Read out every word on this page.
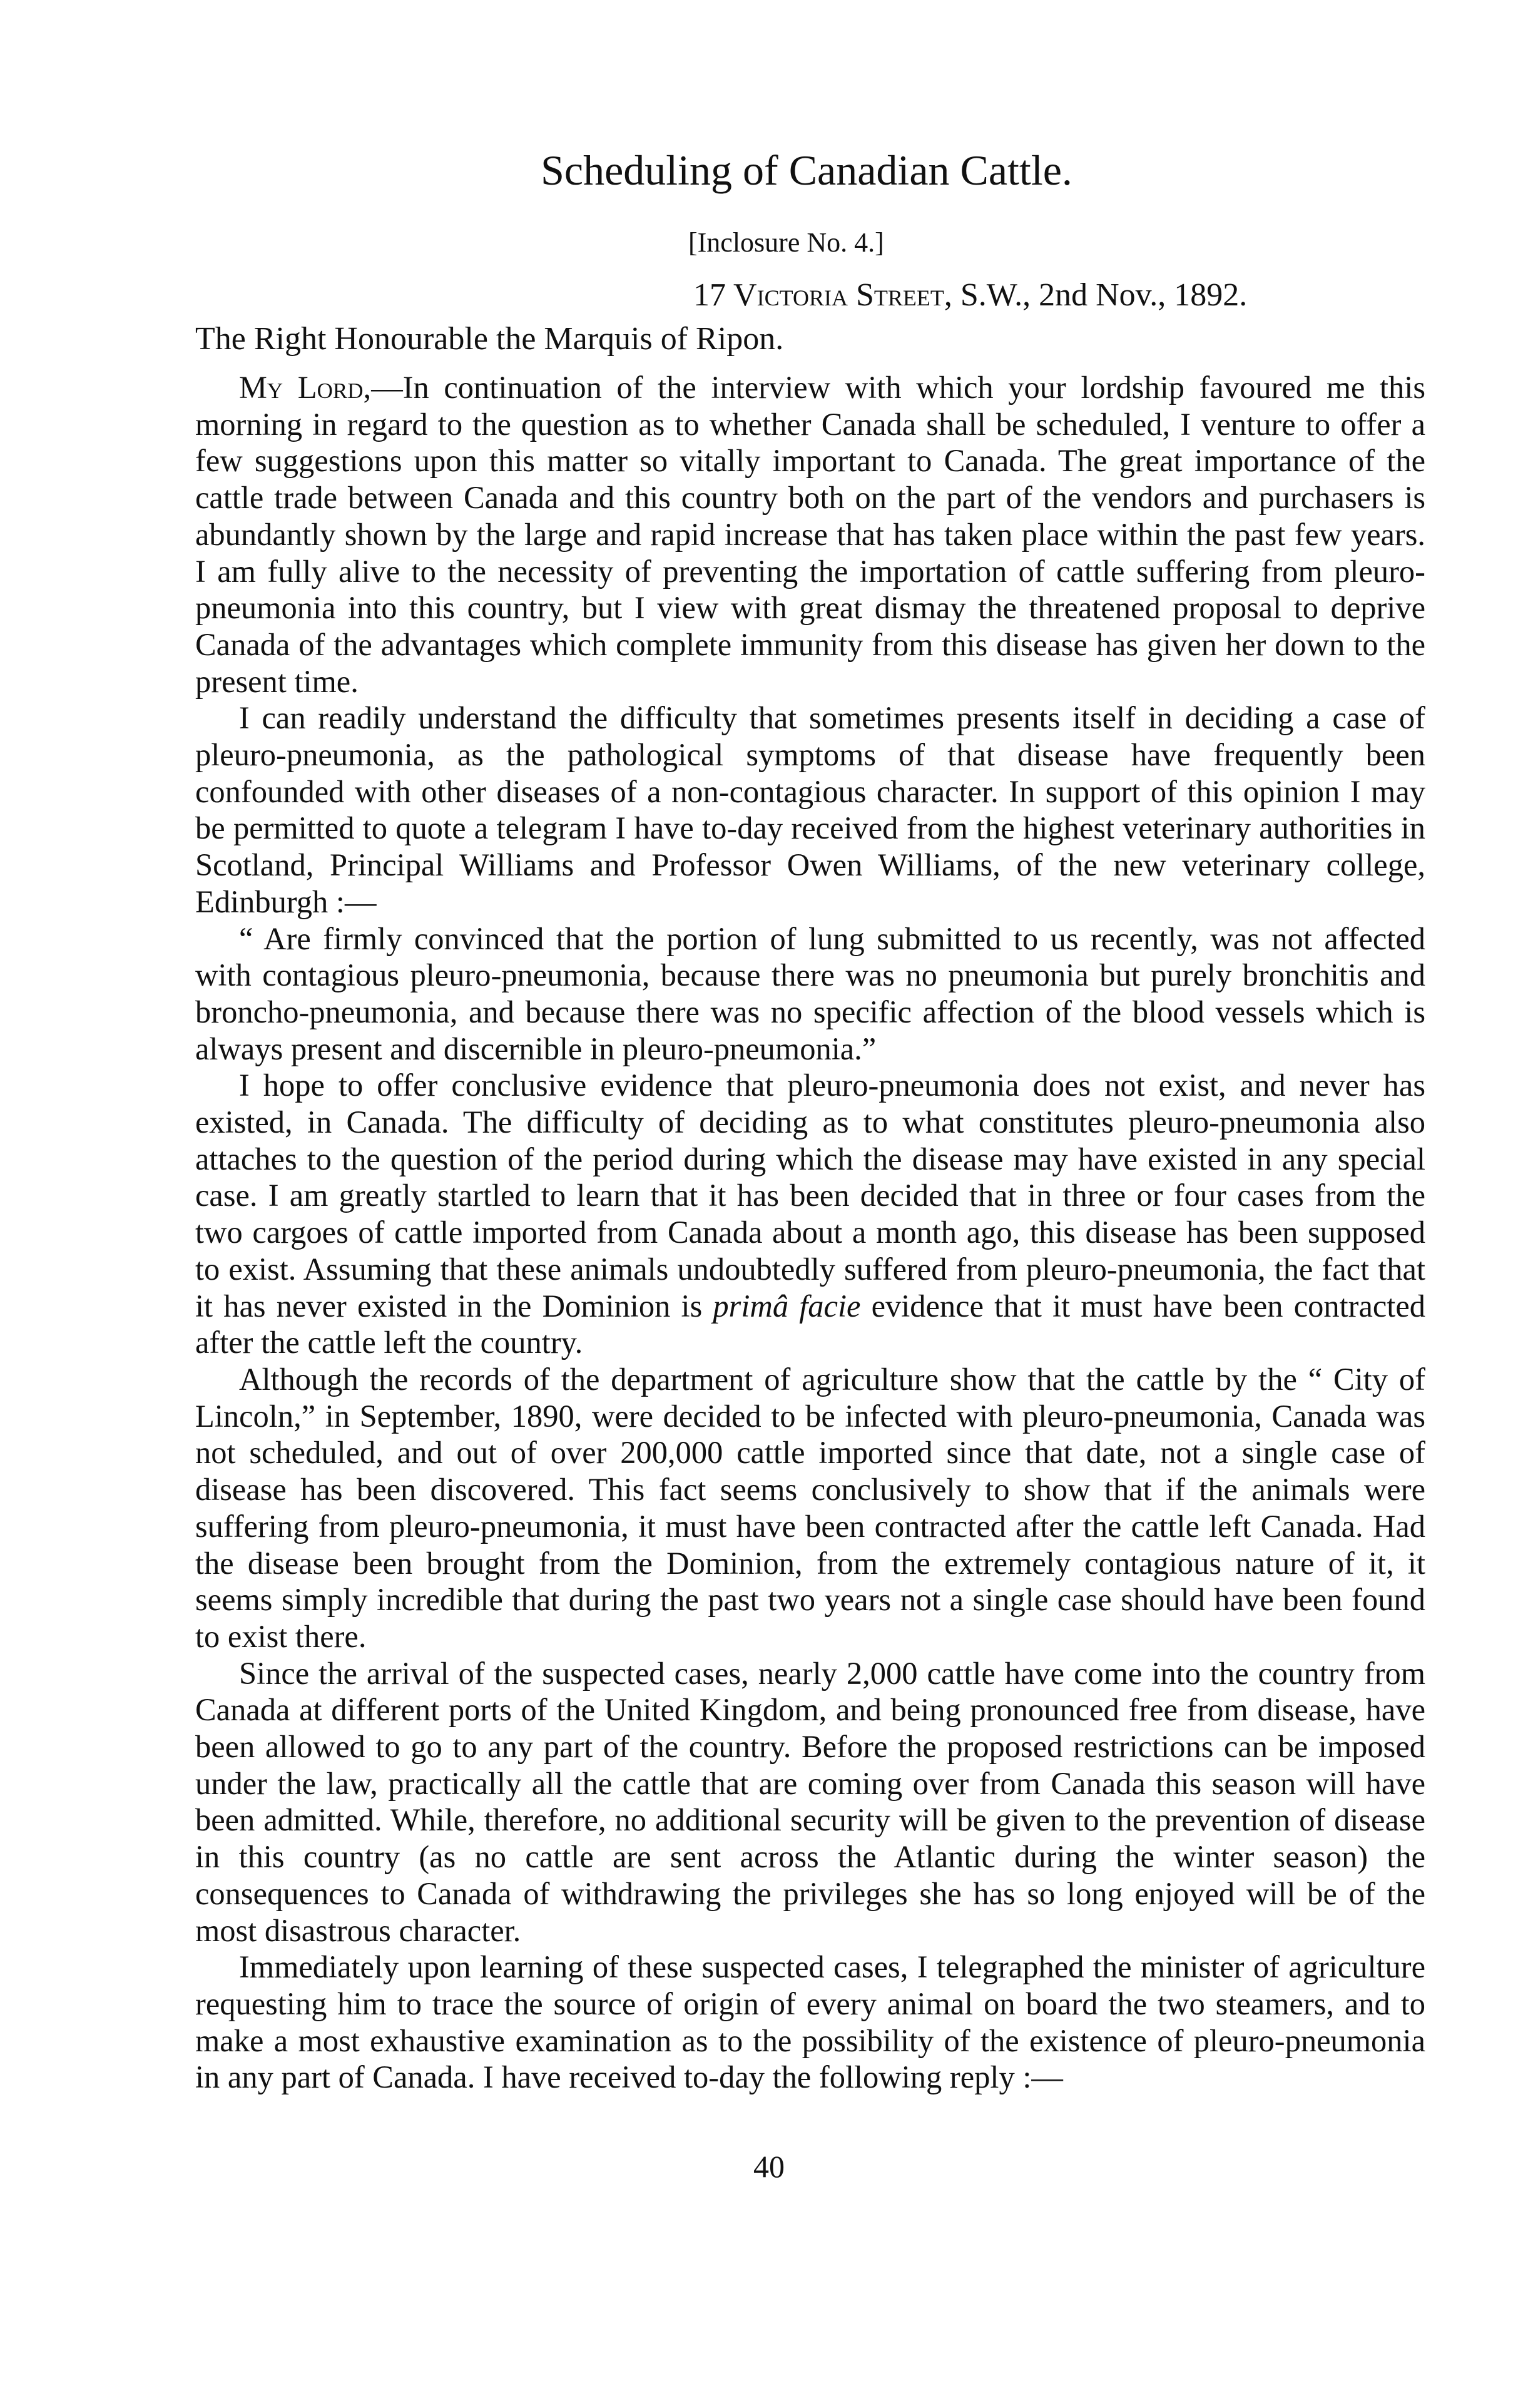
Scheduling of Canadian Cattle.
[Inclosure No. 4.]
17 Victoria Street, S.W., 2nd Nov., 1892.
The Right Honourable the Marquis of Ripon.

My Lord,—In continuation of the interview with which your lordship favoured me this morning in regard to the question as to whether Canada shall be scheduled, I venture to offer a few suggestions upon this matter so vitally important to Canada. The great importance of the cattle trade between Canada and this country both on the part of the vendors and purchasers is abundantly shown by the large and rapid increase that has taken place within the past few years. I am fully alive to the necessity of preventing the importation of cattle suffering from pleuro-pneumonia into this country, but I view with great dismay the threatened proposal to deprive Canada of the advantages which complete immunity from this disease has given her down to the present time.

I can readily understand the difficulty that sometimes presents itself in deciding a case of pleuro-pneumonia, as the pathological symptoms of that disease have frequently been confounded with other diseases of a non-contagious character. In support of this opinion I may be permitted to quote a telegram I have to-day received from the highest veterinary authorities in Scotland, Principal Williams and Professor Owen Williams, of the new veterinary college, Edinburgh :—

“ Are firmly convinced that the portion of lung submitted to us recently, was not affected with contagious pleuro-pneumonia, because there was no pneumonia but purely bronchitis and broncho-pneumonia, and because there was no specific affection of the blood vessels which is always present and discernible in pleuro-pneumonia.”

I hope to offer conclusive evidence that pleuro-pneumonia does not exist, and never has existed, in Canada. The difficulty of deciding as to what constitutes pleuro-pneumonia also attaches to the question of the period during which the disease may have existed in any special case. I am greatly startled to learn that it has been decided that in three or four cases from the two cargoes of cattle imported from Canada about a month ago, this disease has been supposed to exist. Assuming that these animals undoubtedly suffered from pleuro-pneumonia, the fact that it has never existed in the Dominion is primâ facie evidence that it must have been contracted after the cattle left the country.

Although the records of the department of agriculture show that the cattle by the “ City of Lincoln,” in September, 1890, were decided to be infected with pleuro-pneumonia, Canada was not scheduled, and out of over 200,000 cattle imported since that date, not a single case of disease has been discovered. This fact seems conclusively to show that if the animals were suffering from pleuro-pneumonia, it must have been contracted after the cattle left Canada. Had the disease been brought from the Dominion, from the extremely contagious nature of it, it seems simply incredible that during the past two years not a single case should have been found to exist there.

Since the arrival of the suspected cases, nearly 2,000 cattle have come into the country from Canada at different ports of the United Kingdom, and being pronounced free from disease, have been allowed to go to any part of the country. Before the proposed restrictions can be imposed under the law, practically all the cattle that are coming over from Canada this season will have been admitted. While, therefore, no additional security will be given to the prevention of disease in this country (as no cattle are sent across the Atlantic during the winter season) the consequences to Canada of withdrawing the privileges she has so long enjoyed will be of the most disastrous character.

Immediately upon learning of these suspected cases, I telegraphed the minister of agriculture requesting him to trace the source of origin of every animal on board the two steamers, and to make a most exhaustive examination as to the possibility of the existence of pleuro-pneumonia in any part of Canada. I have received to-day the following reply :—

40
